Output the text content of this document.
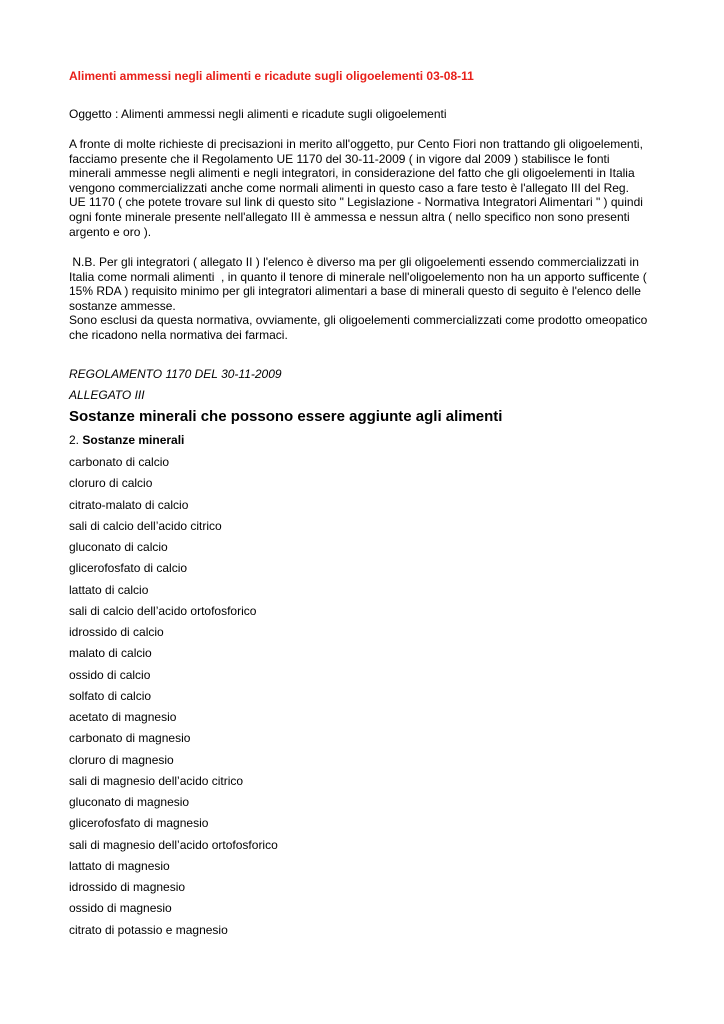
Alimenti ammessi negli alimenti e ricadute sugli oligoelementi 03-08-11

Oggetto : Alimenti ammessi negli alimenti e ricadute sugli oligoelementi

A fronte di molte richieste di precisazioni in merito all'oggetto, pur Cento Fiori non trattando gli oligoelementi,
facciamo presente che il Regolamento UE 1170 del 30-11-2009 ( in vigore dal 2009 ) stabilisce le fonti
minerali ammesse negli alimenti e negli integratori, in considerazione del fatto che gli oligoelementi in Italia
vengono commercializzati anche come normali alimenti in questo caso a fare testo è l'allegato III del Reg.
UE 1170 ( che potete trovare sul link di questo sito " Legislazione - Normativa Integratori Alimentari " ) quindi
ogni fonte minerale presente nell'allegato III è ammessa e nessun altra ( nello specifico non sono presenti
argento e oro ).

N.B. Per gli integratori ( allegato II ) l'elenco è diverso ma per gli oligoelementi essendo commercializzati in
Italia come normali alimenti  , in quanto il tenore di minerale nell'oligoelemento non ha un apporto sufficente (
15% RDA ) requisito minimo per gli integratori alimentari a base di minerali questo di seguito è l'elenco delle
sostanze ammesse.
Sono esclusi da questa normativa, ovviamente, gli oligoelementi commercializzati come prodotto omeopatico
che ricadono nella normativa dei farmaci.

REGOLAMENTO 1170 DEL 30-11-2009

ALLEGATO III

Sostanze minerali che possono essere aggiunte agli alimenti

2. Sostanze minerali

carbonato di calcio
cloruro di calcio
citrato-malato di calcio
sali di calcio dell’acido citrico
gluconato di calcio
glicerofosfato di calcio
lattato di calcio
sali di calcio dell’acido ortofosforico
idrossido di calcio
malato di calcio
ossido di calcio
solfato di calcio
acetato di magnesio
carbonato di magnesio
cloruro di magnesio
sali di magnesio dell’acido citrico
gluconato di magnesio
glicerofosfato di magnesio
sali di magnesio dell’acido ortofosforico
lattato di magnesio
idrossido di magnesio
ossido di magnesio
citrato di potassio e magnesio
